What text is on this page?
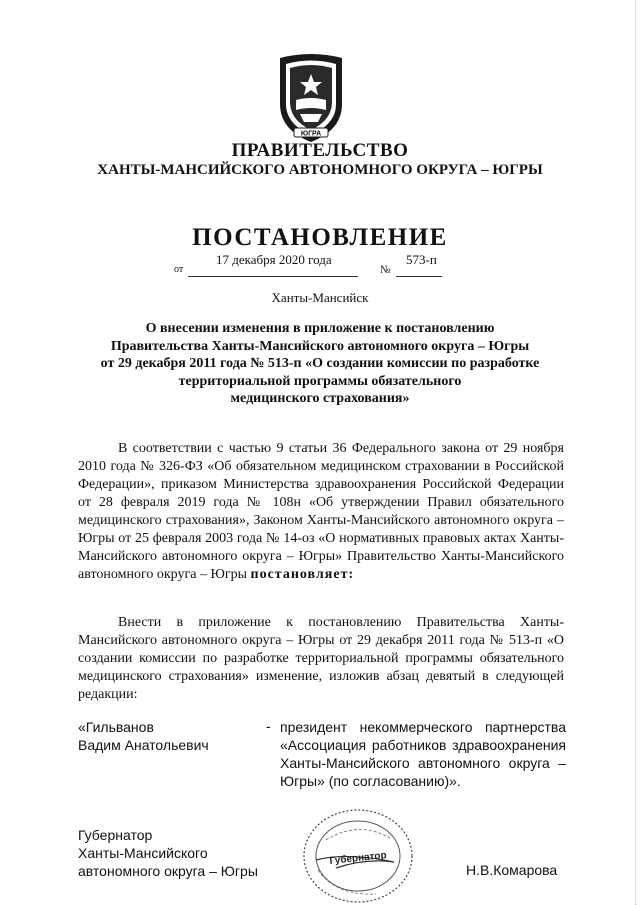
ЮГРА
ПРАВИТЕЛЬСТВО
ХАНТЫ-МАНСИЙСКОГО АВТОНОМНОГО ОКРУГА – ЮГРЫ
ПОСТАНОВЛЕНИЕ
от
17 декабря 2020 года
№
573-п
Ханты-Мансийск
О внесении изменения в приложение к постановлению
Правительства Ханты-Мансийского автономного округа – Югры
от 29 декабря 2011 года № 513-п «О создании комиссии по разработке
территориальной программы обязательного
медицинского страхования»
В соответствии с частью 9 статьи 36 Федерального закона от 29 ноября 2010 года № 326-ФЗ «Об обязательном медицинском страховании в Российской Федерации», приказом Министерства здравоохранения Российской Федерации от 28 февраля 2019 года № 108н «Об утверждении Правил обязательного медицинского страхования», Законом Ханты-Мансийского автономного округа – Югры от 25 февраля 2003 года № 14-оз «О нормативных правовых актах Ханты-Мансийского автономного округа – Югры» Правительство Ханты-Мансийского автономного округа – Югры постановляет:
Внести в приложение к постановлению Правительства Ханты-Мансийского автономного округа – Югры от 29 декабря 2011 года № 513-п «О создании комиссии по разработке территориальной программы обязательного медицинского страхования» изменение, изложив абзац девятый в следующей редакции:
«Гильванов
Вадим Анатольевич
- президент некоммерческого партнерства «Ассоциация работников здравоохранения Ханты-Мансийского автономного округа – Югры» (по согласованию)».
Губернатор
Ханты-Мансийского
автономного округа – Югры
Губернатор
Н.В.Комарова
